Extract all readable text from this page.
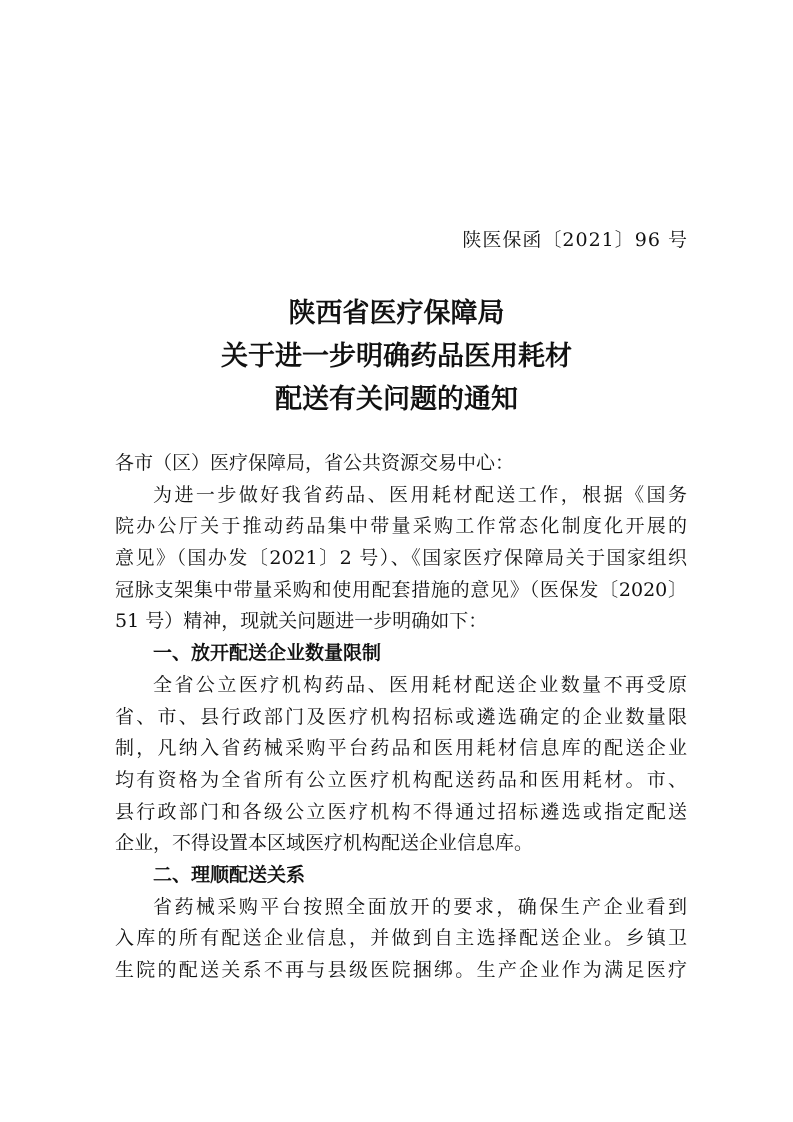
陕医保函〔2021〕96 号
陕西省医疗保障局
关于进一步明确药品医用耗材
配送有关问题的通知
各市（区）医疗保障局，省公共资源交易中心：
为进一步做好我省药品、医用耗材配送工作，根据《国务
院办公厅关于推动药品集中带量采购工作常态化制度化开展的
意见》（国办发〔2021〕2 号）、《国家医疗保障局关于国家组织
冠脉支架集中带量采购和使用配套措施的意见》（医保发〔2020〕
51 号）精神，现就关问题进一步明确如下：
一、放开配送企业数量限制
全省公立医疗机构药品、医用耗材配送企业数量不再受原
省、市、县行政部门及医疗机构招标或遴选确定的企业数量限
制，凡纳入省药械采购平台药品和医用耗材信息库的配送企业
均有资格为全省所有公立医疗机构配送药品和医用耗材。市、
县行政部门和各级公立医疗机构不得通过招标遴选或指定配送
企业，不得设置本区域医疗机构配送企业信息库。
二、理顺配送关系
省药械采购平台按照全面放开的要求，确保生产企业看到
入库的所有配送企业信息，并做到自主选择配送企业。乡镇卫
生院的配送关系不再与县级医院捆绑。生产企业作为满足医疗
